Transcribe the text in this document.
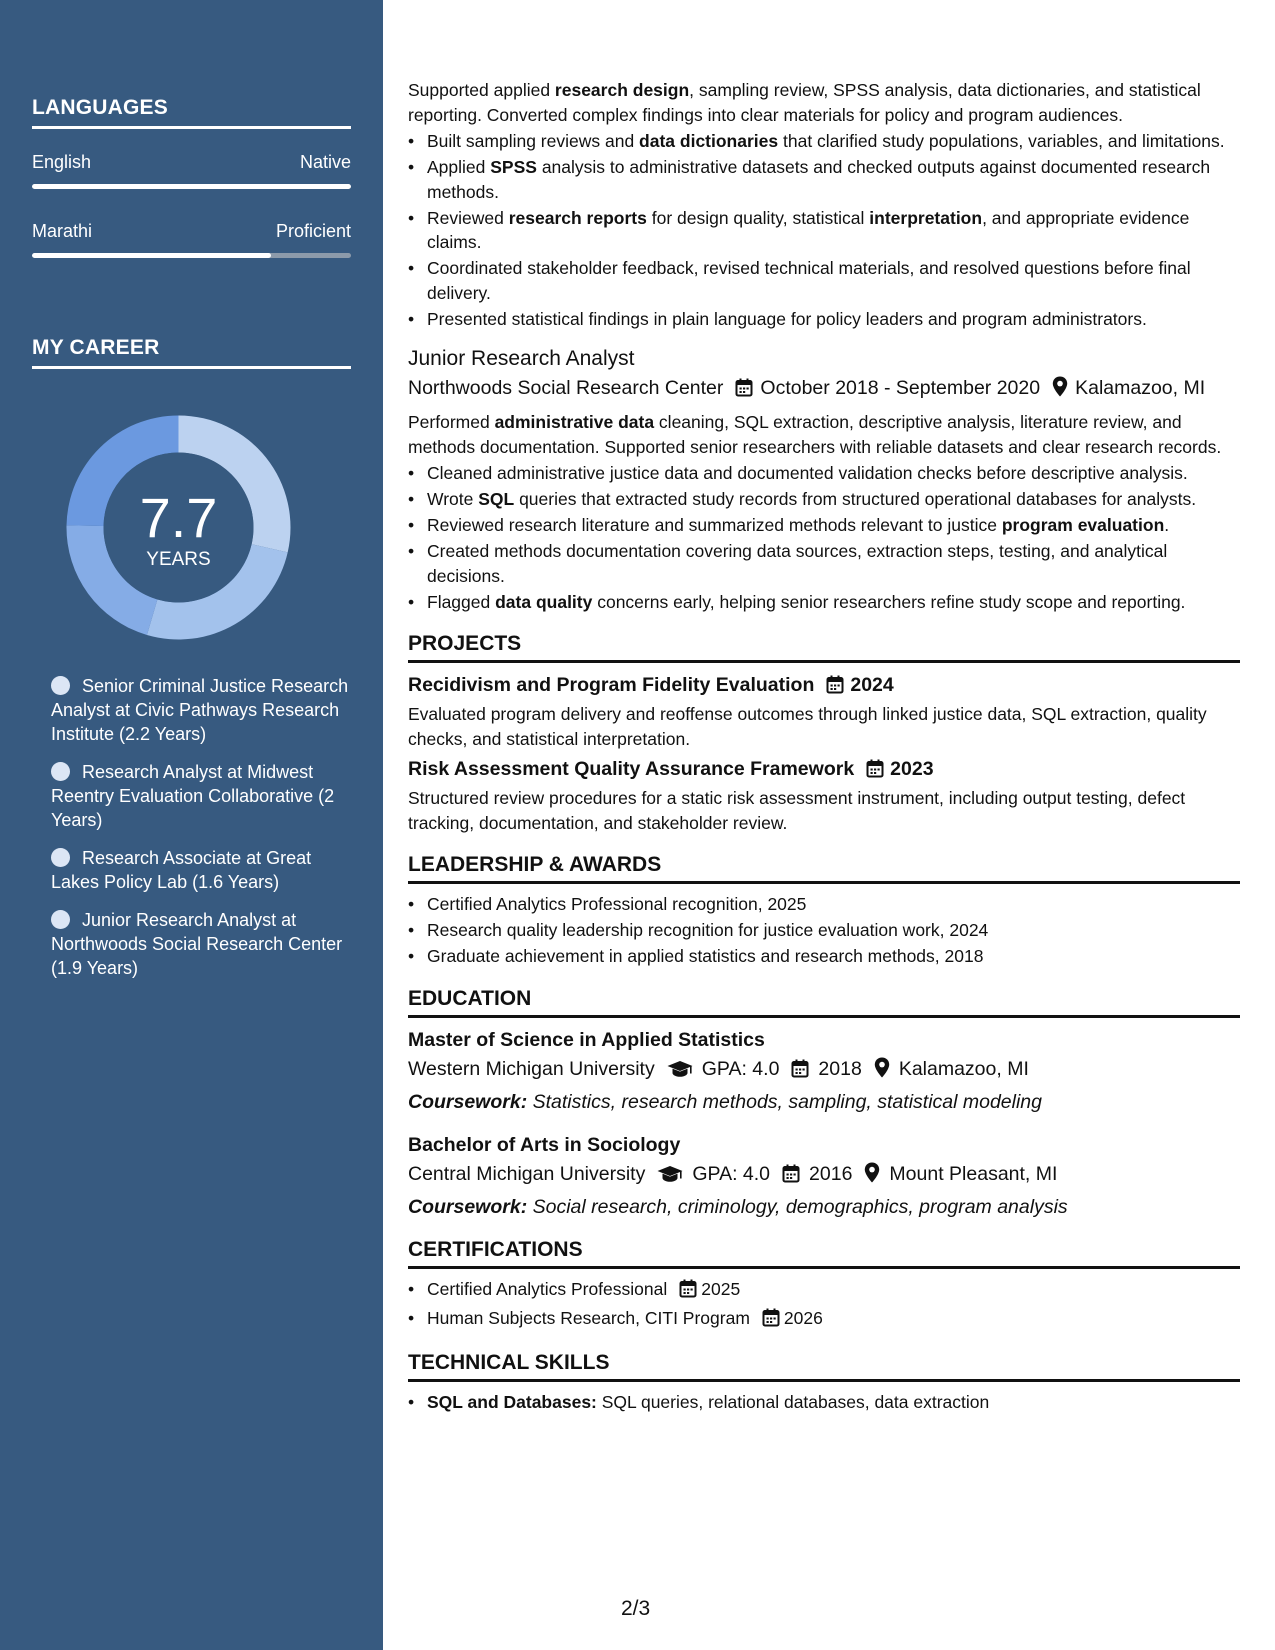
LANGUAGES
English	Native
Marathi	Proficient
MY CAREER
7.7
YEARS
Senior Criminal Justice Research Analyst at Civic Pathways Research Institute (2.2 Years)
Research Analyst at Midwest Reentry Evaluation Collaborative (2 Years)
Research Associate at Great Lakes Policy Lab (1.6 Years)
Junior Research Analyst at Northwoods Social Research Center (1.9 Years)

Supported applied research design, sampling review, SPSS analysis, data dictionaries, and statistical reporting. Converted complex findings into clear materials for policy and program audiences.

• Built sampling reviews and data dictionaries that clarified study populations, variables, and limitations.
• Applied SPSS analysis to administrative datasets and checked outputs against documented research methods.
• Reviewed research reports for design quality, statistical interpretation, and appropriate evidence claims.
• Coordinated stakeholder feedback, revised technical materials, and resolved questions before final delivery.
• Presented statistical findings in plain language for policy leaders and program administrators.
Junior Research Analyst
Northwoods Social Research Center October 2018 - September 2020 Kalamazoo, MI

Performed administrative data cleaning, SQL extraction, descriptive analysis, literature review, and methods documentation. Supported senior researchers with reliable datasets and clear research records.

• Cleaned administrative justice data and documented validation checks before descriptive analysis.
• Wrote SQL queries that extracted study records from structured operational databases for analysts.
• Reviewed research literature and summarized methods relevant to justice program evaluation.
• Created methods documentation covering data sources, extraction steps, testing, and analytical decisions.
• Flagged data quality concerns early, helping senior researchers refine study scope and reporting.
PROJECTS
Recidivism and Program Fidelity Evaluation 2024
Evaluated program delivery and reoffense outcomes through linked justice data, SQL extraction, quality checks, and statistical interpretation.
Risk Assessment Quality Assurance Framework 2023
Structured review procedures for a static risk assessment instrument, including output testing, defect tracking, documentation, and stakeholder review.
LEADERSHIP & AWARDS
• Certified Analytics Professional recognition, 2025
• Research quality leadership recognition for justice evaluation work, 2024
• Graduate achievement in applied statistics and research methods, 2018
EDUCATION
Master of Science in Applied Statistics
Western Michigan University GPA: 4.0 2018 Kalamazoo, MI
Coursework: Statistics, research methods, sampling, statistical modeling
Bachelor of Arts in Sociology
Central Michigan University GPA: 4.0 2016 Mount Pleasant, MI
Coursework: Social research, criminology, demographics, program analysis
CERTIFICATIONS
• Certified Analytics Professional 2025
• Human Subjects Research, CITI Program 2026
TECHNICAL SKILLS
• SQL and Databases: SQL queries, relational databases, data extraction
2/3
